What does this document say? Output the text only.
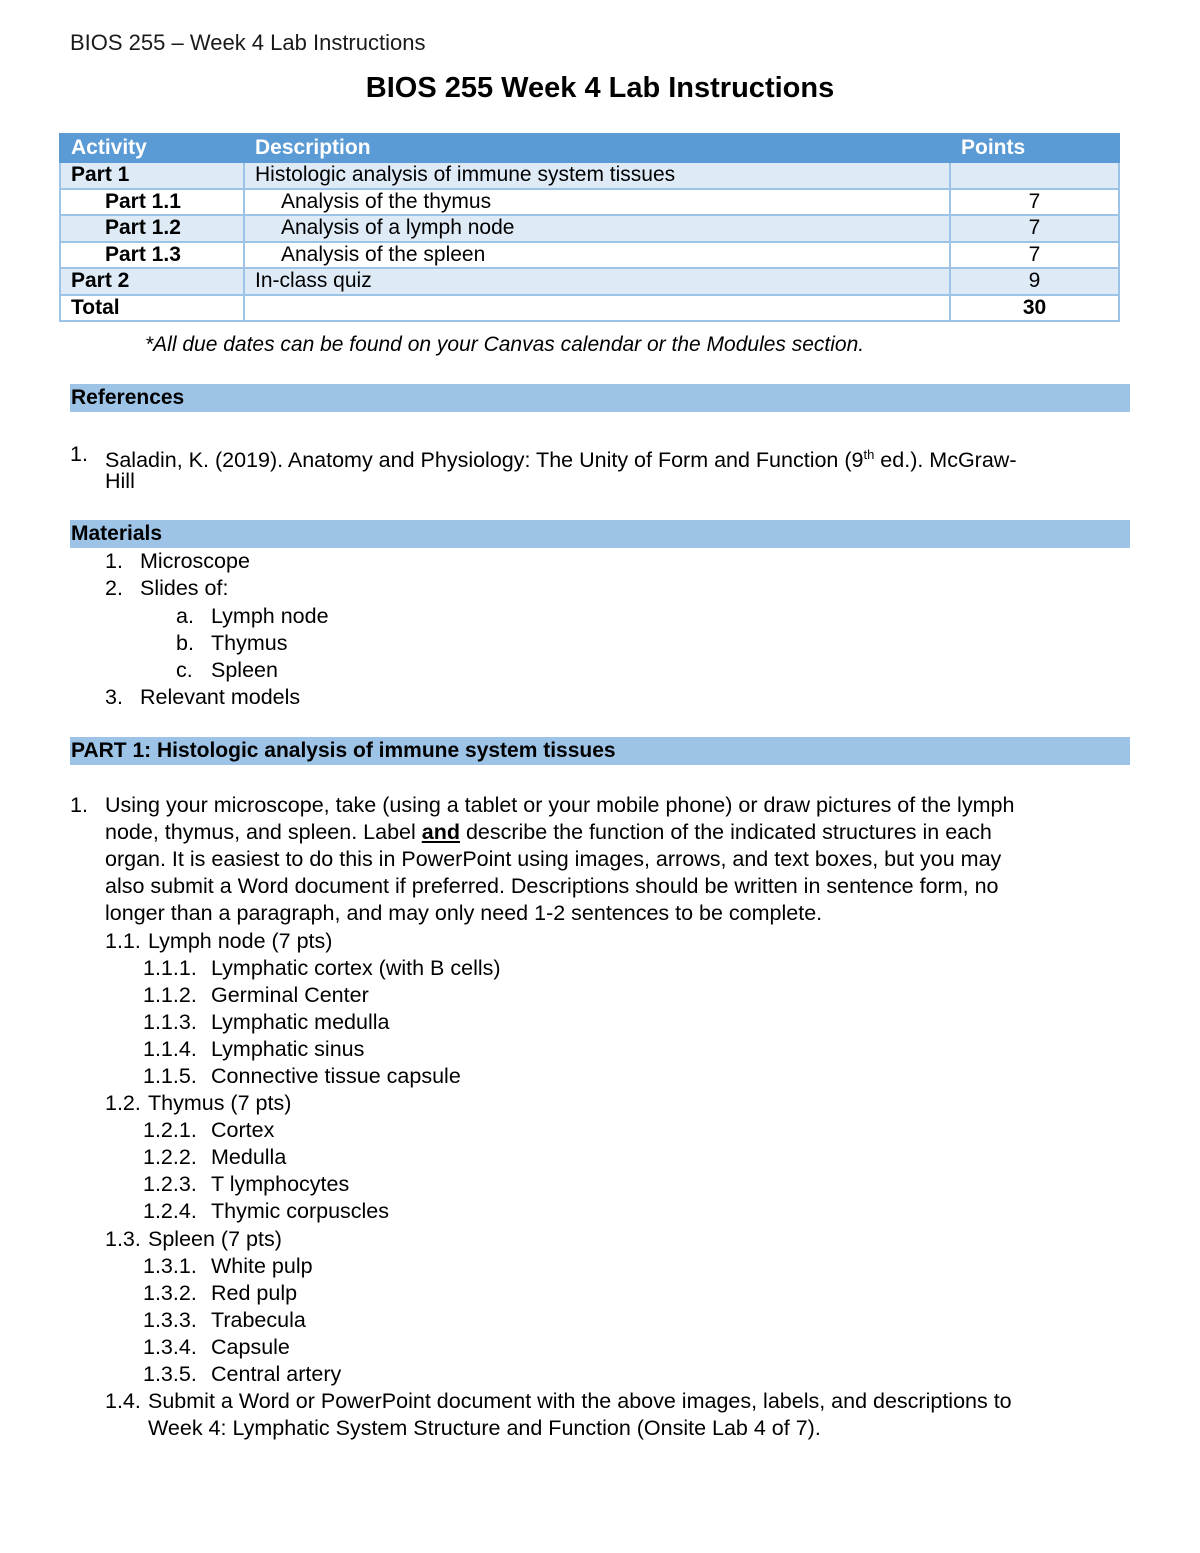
BIOS 255 – Week 4 Lab Instructions
BIOS 255 Week 4 Lab Instructions
Activity	Description	Points
Part 1	Histologic analysis of immune system tissues	
Part 1.1	Analysis of the thymus	7
Part 1.2	Analysis of a lymph node	7
Part 1.3	Analysis of the spleen	7
Part 2	In-class quiz	9
Total		30
*All due dates can be found on your Canvas calendar or the Modules section.
References
1. Saladin, K. (2019). Anatomy and Physiology: The Unity of Form and Function (9th ed.). McGraw-
Hill
Materials
1. Microscope
2. Slides of:
a. Lymph node
b. Thymus
c. Spleen
3. Relevant models
PART 1: Histologic analysis of immune system tissues
1. Using your microscope, take (using a tablet or your mobile phone) or draw pictures of the lymph
node, thymus, and spleen. Label and describe the function of the indicated structures in each
organ. It is easiest to do this in PowerPoint using images, arrows, and text boxes, but you may
also submit a Word document if preferred. Descriptions should be written in sentence form, no
longer than a paragraph, and may only need 1-2 sentences to be complete.
1.1. Lymph node (7 pts)
1.1.1. Lymphatic cortex (with B cells)
1.1.2. Germinal Center
1.1.3. Lymphatic medulla
1.1.4. Lymphatic sinus
1.1.5. Connective tissue capsule
1.2. Thymus (7 pts)
1.2.1. Cortex
1.2.2. Medulla
1.2.3. T lymphocytes
1.2.4. Thymic corpuscles
1.3. Spleen (7 pts)
1.3.1. White pulp
1.3.2. Red pulp
1.3.3. Trabecula
1.3.4. Capsule
1.3.5. Central artery
1.4. Submit a Word or PowerPoint document with the above images, labels, and descriptions to
Week 4: Lymphatic System Structure and Function (Onsite Lab 4 of 7).
